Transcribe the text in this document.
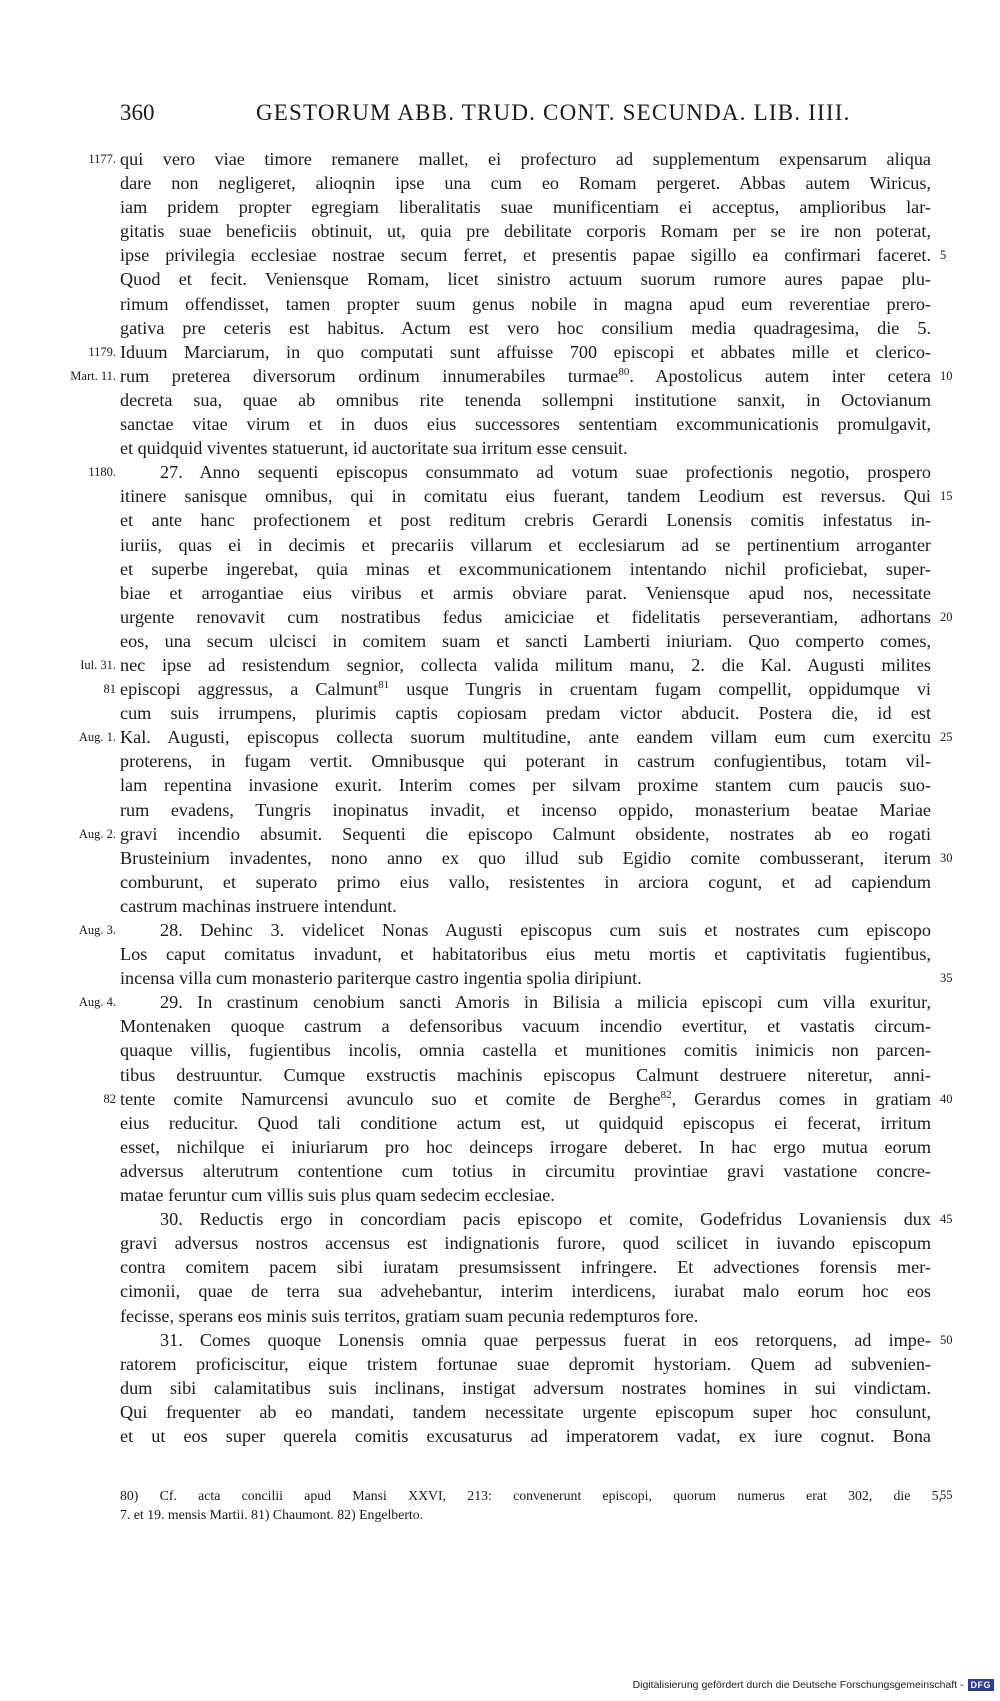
360	GESTORUM ABB. TRUD. CONT. SECUNDA. LIB. IIII.
1177. qui vero viae timore remanere mallet, ei profecturo ad supplementum expensarum aliqua
dare non negligeret, alioqnin ipse una cum eo Romam pergeret. Abbas autem Wiricus,
iam pridem propter egregiam liberalitatis suae munificentiam ei acceptus, amplioribus lar-
gitatis suae beneficiis obtinuit, ut, quia pre debilitate corporis Romam per se ire non poterat,
ipse privilegia ecclesiae nostrae secum ferret, et presentis papae sigillo ea confirmari faceret. 5
Quod et fecit. Veniensque Romam, licet sinistro actuum suorum rumore aures papae plu-
rimum offendisset, tamen propter suum genus nobile in magna apud eum reverentiae prero-
gativa pre ceteris est habitus. Actum est vero hoc consilium media quadragesima, die 5.
1179. Iduum Marciarum, in quo computati sunt affuisse 700 episcopi et abbates mille et clerico-
Mart. 11. rum preterea diversorum ordinum innumerabiles turmae$^{80}$. Apostolicus autem inter cetera 10
decreta sua, quae ab omnibus rite tenenda sollempni institutione sanxit, in Octovianum
sanctae vitae virum et in duos eius successores sententiam excommunicationis promulgavit,
et quidquid viventes statuerunt, id auctoritate sua irritum esse censuit.
1180. 27. Anno sequenti episcopus consummato ad votum suae profectionis negotio, prospero
itinere sanisque omnibus, qui in comitatu eius fuerant, tandem Leodium est reversus. Qui 15
et ante hanc profectionem et post reditum crebris Gerardi Lonensis comitis infestatus in-
iuriis, quas ei in decimis et precariis villarum et ecclesiarum ad se pertinentium arroganter
et superbe ingerebat, quia minas et excommunicationem intentando nichil proficiebat, super-
biae et arrogantiae eius viribus et armis obviare parat. Veniensque apud nos, necessitate
urgente renovavit cum nostratibus fedus amiciciae et fidelitatis perseverantiam, adhortans 20
eos, una secum ulcisci in comitem suam et sancti Lamberti iniuriam. Quo comperto comes,
Iul. 31. nec ipse ad resistendum segnior, collecta valida militum manu, 2. die Kal. Augusti milites
81 episcopi aggressus, a Calmunt$^{81}$ usque Tungris in cruentam fugam compellit, oppidumque vi
cum suis irrumpens, plurimis captis copiosam predam victor abducit. Postera die, id est
Aug. 1. Kal. Augusti, episcopus collecta suorum multitudine, ante eandem villam eum cum exercitu 25
proterens, in fugam vertit. Omnibusque qui poterant in castrum confugientibus, totam vil-
lam repentina invasione exurit. Interim comes per silvam proxime stantem cum paucis suo-
rum evadens, Tungris inopinatus invadit, et incenso oppido, monasterium beatae Mariae
Aug. 2. gravi incendio absumit. Sequenti die episcopo Calmunt obsidente, nostrates ab eo rogati
Brusteinium invadentes, nono anno ex quo illud sub Egidio comite combusserant, iterum 30
comburunt, et superato primo eius vallo, resistentes in arciora cogunt, et ad capiendum
castrum machinas instruere intendunt.
Aug. 3. 28. Dehinc 3. videlicet Nonas Augusti episcopus cum suis et nostrates cum episcopo
Los caput comitatus invadunt, et habitatoribus eius metu mortis et captivitatis fugientibus,
incensa villa cum monasterio pariterque castro ingentia spolia diripiunt.	35
Aug. 4. 29. In crastinum cenobium sancti Amoris in Bilisia a milicia episcopi cum villa exuritur,
Montenaken quoque castrum a defensoribus vacuum incendio evertitur, et vastatis circum-
quaque villis, fugientibus incolis, omnia castella et munitiones comitis inimicis non parcen-
tibus destruuntur. Cumque exstructis machinis episcopus Calmunt destruere niteretur, anni-
82 tente comite Namurcensi avunculo suo et comite de Berghe$^{82}$, Gerardus comes in gratiam 40
eius reducitur. Quod tali conditione actum est, ut quidquid episcopus ei fecerat, irritum
esset, nichilque ei iniuriarum pro hoc deinceps irrogare deberet. In hac ergo mutua eorum
adversus alterutrum contentione cum totius in circumitu provintiae gravi vastatione concre-
matae feruntur cum villis suis plus quam sedecim ecclesiae.
30. Reductis ergo in concordiam pacis episcopo et comite, Godefridus Lovaniensis dux 45
gravi adversus nostros accensus est indignationis furore, quod scilicet in iuvando episcopum
contra comitem pacem sibi iuratam presumsissent infringere. Et advectiones forensis mer-
cimonii, quae de terra sua advehebantur, interim interdicens, iurabat malo eorum hoc eos
fecisse, sperans eos minis suis territos, gratiam suam pecunia redempturos fore.
31. Comes quoque Lonensis omnia quae perpessus fuerat in eos retorquens, ad impe- 50
ratorem proficiscitur, eique tristem fortunae suae depromit hystoriam. Quem ad subvenien-
dum sibi calamitatibus suis inclinans, instigat adversum nostrates homines in sui vindictam.
Qui frequenter ab eo mandati, tandem necessitate urgente episcopum super hoc consulunt,
et ut eos super querela comitis excusaturus ad imperatorem vadat, ex iure cognut. Bona
80) Cf. acta concilii apud Mansi XXVI, 213: convenerunt episcopi, quorum numerus erat 302, die 5,
55
7. et 19. mensis Martii. 81) Chaumont. 82) Engelberto.
Digitalisierung gefördert durch die Deutsche Forschungsgemeinschaft - DFG
